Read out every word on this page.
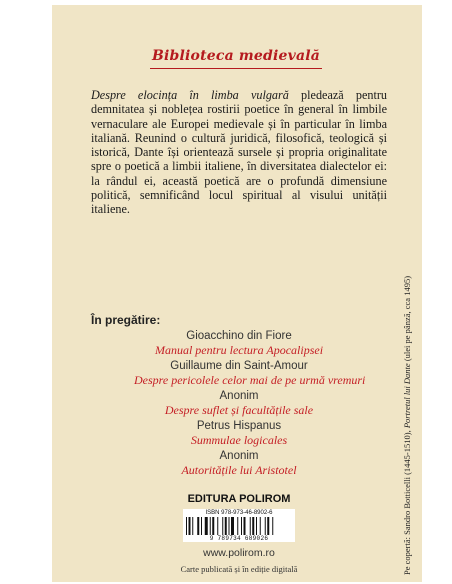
Biblioteca medievală
Despre elocința în limba vulgară pledează pentru demnitatea și noblețea rostirii poetice în general în limbile vernaculare ale Europei medievale și în particular în limba italiană. Reunind o cultură juridică, filosofică, teologică și istorică, Dante își orientează sursele și propria originalitate spre o poetică a limbii italiene, în diversitatea dialectelor ei: la rândul ei, această poetică are o profundă dimensiune politică, semnificând locul spiritual al visului unității italiene.
În pregătire:
Gioacchino din Fiore
Manual pentru lectura Apocalipsei
Guillaume din Saint-Amour
Despre pericolele celor mai de pe urmă vremuri
Anonim
Despre suflet și facultățile sale
Petrus Hispanus
Summulae logicales
Anonim
Autoritățile lui Aristotel
EDITURA POLIROM
ISBN 978-973-46-8902-6
9 789734 689026
www.polirom.ro
Carte publicată și în ediție digitală	Pe copertă: Sandro Botticelli (1445-1510), Portretul lui Dante (ulei pe pânză, cca 1495)
